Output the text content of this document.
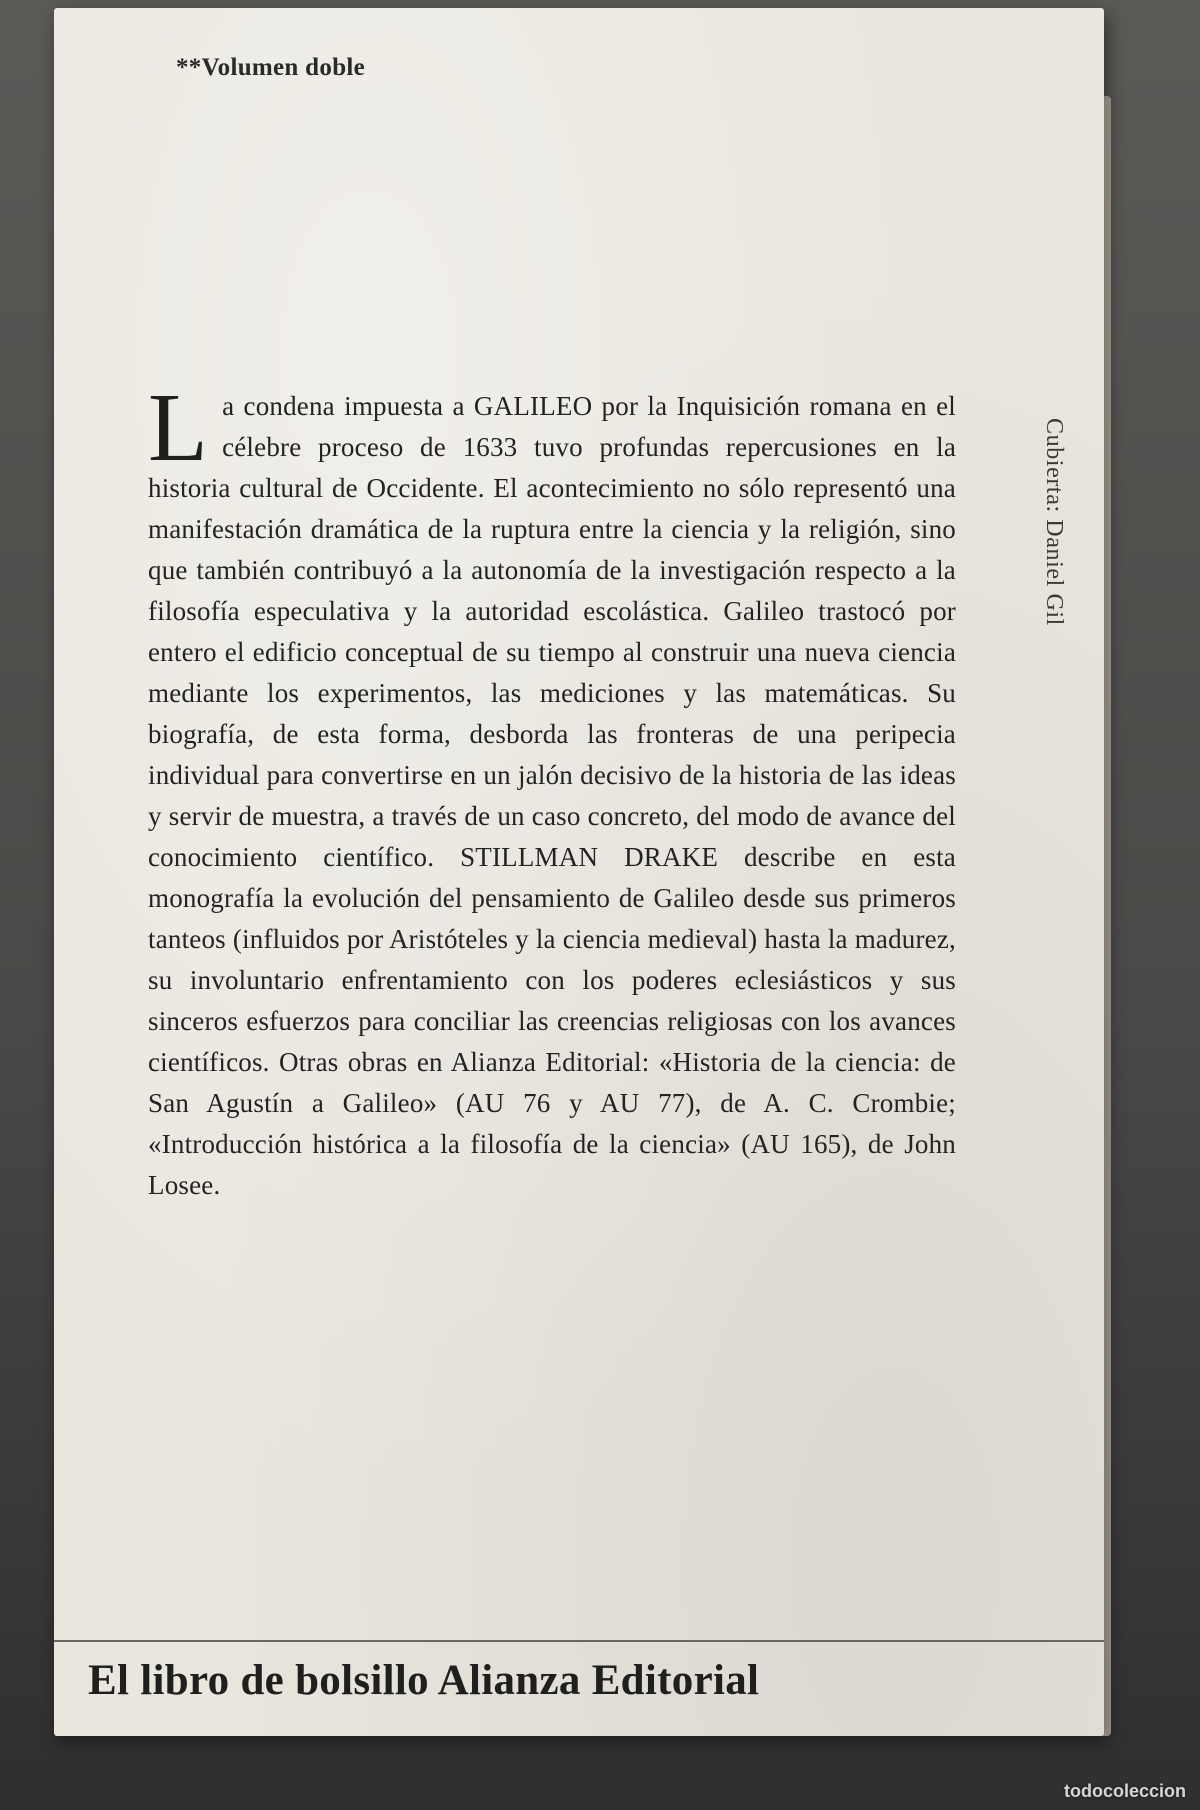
**Volumen doble
La condena impuesta a GALILEO por la Inquisición romana en el célebre proceso de 1633 tuvo profundas repercusiones en la historia cultural de Occidente. El acontecimiento no sólo representó una manifestación dramática de la ruptura entre la ciencia y la religión, sino que también contribuyó a la autonomía de la investigación respecto a la filosofía especulativa y la autoridad escolástica. Galileo trastocó por entero el edificio conceptual de su tiempo al construir una nueva ciencia mediante los experimentos, las mediciones y las matemáticas. Su biografía, de esta forma, desborda las fronteras de una peripecia individual para convertirse en un jalón decisivo de la historia de las ideas y servir de muestra, a través de un caso concreto, del modo de avance del conocimiento científico. STILLMAN DRAKE describe en esta monografía la evolución del pensamiento de Galileo desde sus primeros tanteos (influidos por Aristóteles y la ciencia medieval) hasta la madurez, su involuntario enfrentamiento con los poderes eclesiásticos y sus sinceros esfuerzos para conciliar las creencias religiosas con los avances científicos. Otras obras en Alianza Editorial: «Historia de la ciencia: de San Agustín a Galileo» (AU 76 y AU 77), de A. C. Crombie; «Introducción histórica a la filosofía de la ciencia» (AU 165), de John Losee.
Cubierta: Daniel Gil
El libro de bolsillo Alianza Editorial
todocoleccion
